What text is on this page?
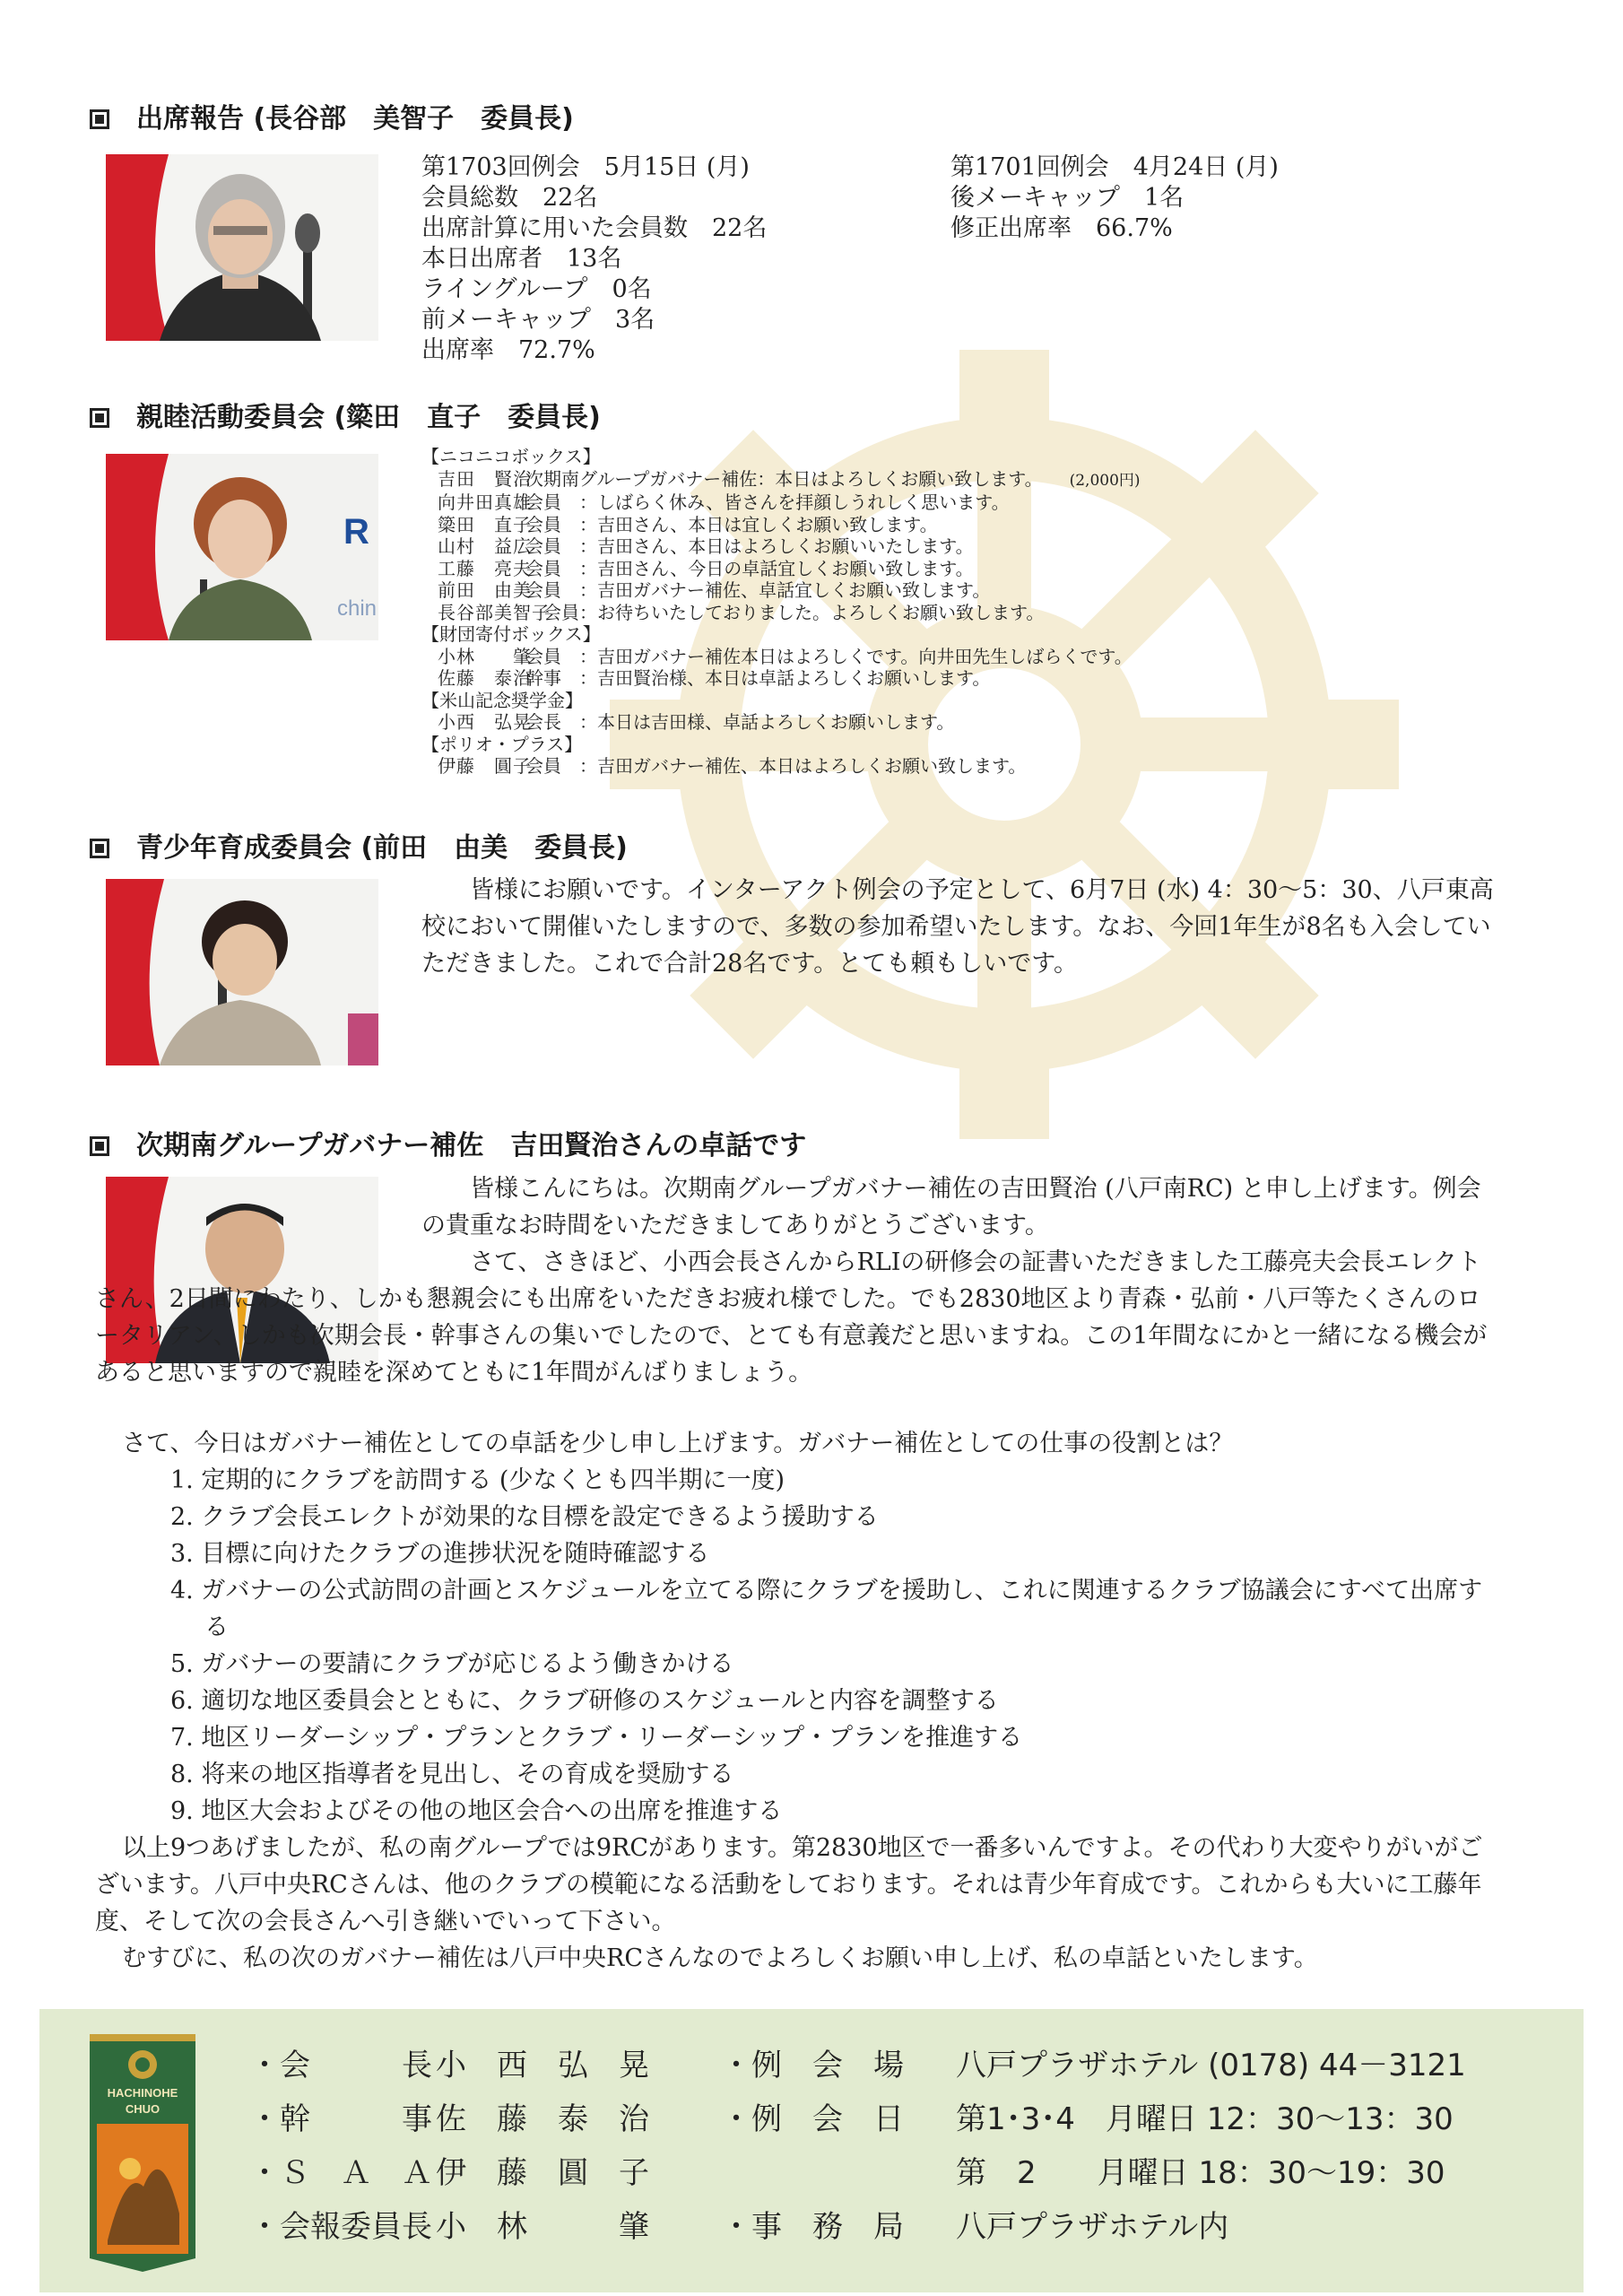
出席報告 (長谷部　美智子　委員長)
第1703回例会　5月15日 (月)
会員総数　22名
出席計算に用いた会員数　22名
本日出席者　13名
ライングループ　0名
前メーキャップ　3名
出席率　72.7%
第1701回例会　4月24日 (月)
後メーキャップ　1名
修正出席率　66.7%
親睦活動委員会 (簗田　直子　委員長)
R
chin
【ニコニコボックス】
吉田　賢治次期南グループガバナー補佐：本日はよろしくお願い致します。 (2,000円)
向井田真雄会員 ：しばらく休み、皆さんを拝顔しうれしく思います。
簗田　直子会員 ：吉田さん、本日は宜しくお願い致します。
山村　益広会員 ：吉田さん、本日はよろしくお願いいたします。
工藤　亮夫会員 ：吉田さん、今日の卓話宜しくお願い致します。
前田　由美会員 ：吉田ガバナー補佐、卓話宜しくお願い致します。
長谷部美智子会員：お待ちいたしておりました。よろしくお願い致します。
【財団寄付ボックス】
小林　　肇会員 ：吉田ガバナー補佐本日はよろしくです。向井田先生しばらくです。
佐藤　泰治幹事 ：吉田賢治様、本日は卓話よろしくお願いします。
【米山記念奨学金】
小西　弘晃会長 ：本日は吉田様、卓話よろしくお願いします。
【ポリオ・プラス】
伊藤　圓子会員 ：吉田ガバナー補佐、本日はよろしくお願い致します。
青少年育成委員会 (前田　由美　委員長)
皆様にお願いです。インターアクト例会の予定として、6月7日 (水) 4：30～5：30、八戸東高校において開催いたしますので、多数の参加希望いたします。なお、今回1年生が8名も入会していただきました。これで合計28名です。とても頼もしいです。
次期南グループガバナー補佐　吉田賢治さんの卓話です
皆様こんにちは。次期南グループガバナー補佐の吉田賢治 (八戸南RC) と申し上げます。例会の貴重なお時間をいただきましてありがとうございます。
さて、さきほど、小西会長さんからRLIの研修会の証書いただきました工藤亮夫会長エレクトさん、2日間にわたり、しかも懇親会にも出席をいただきお疲れ様でした。でも2830地区より青森・弘前・八戸等たくさんのロータリアン、しかも次期会長・幹事さんの集いでしたので、とても有意義だと思いますね。この1年間なにかと一緒になる機会があると思いますので親睦を深めてともに1年間がんばりましょう。
さて、今日はガバナー補佐としての卓話を少し申し上げます。ガバナー補佐としての仕事の役割とは？
1. 定期的にクラブを訪問する (少なくとも四半期に一度)
2. クラブ会長エレクトが効果的な目標を設定できるよう援助する
3. 目標に向けたクラブの進捗状況を随時確認する
4. ガバナーの公式訪問の計画とスケジュールを立てる際にクラブを援助し、これに関連するクラブ協議会にすべて出席する
5. ガバナーの要請にクラブが応じるよう働きかける
6. 適切な地区委員会とともに、クラブ研修のスケジュールと内容を調整する
7. 地区リーダーシップ・プランとクラブ・リーダーシップ・プランを推進する
8. 将来の地区指導者を見出し、その育成を奨励する
9. 地区大会およびその他の地区会合への出席を推進する
以上9つあげましたが、私の南グループでは9RCがあります。第2830地区で一番多いんですよ。その代わり大変やりがいがございます。八戸中央RCさんは、他のクラブの模範になる活動をしております。それは青少年育成です。これからも大いに工藤年度、そして次の会長さんへ引き継いでいって下さい。
むすびに、私の次のガバナー補佐は八戸中央RCさんなのでよろしくお願い申し上げ、私の卓話といたします。
HACHINOHE
CHUO
・会　　　長 小　西　弘　晃 ・例　会　場 八戸プラザホテル (0178) 44－3121
・幹　　　事 佐　藤　泰　治 ・例　会　日 第1･3･4　月曜日 12：30～13：30
・Ｓ　Ａ　Ａ 伊　藤　圓　子	第　2　　月曜日 18：30～19：30
・会報委員長 小　林　　　肇 ・事　務　局 八戸プラザホテル内
